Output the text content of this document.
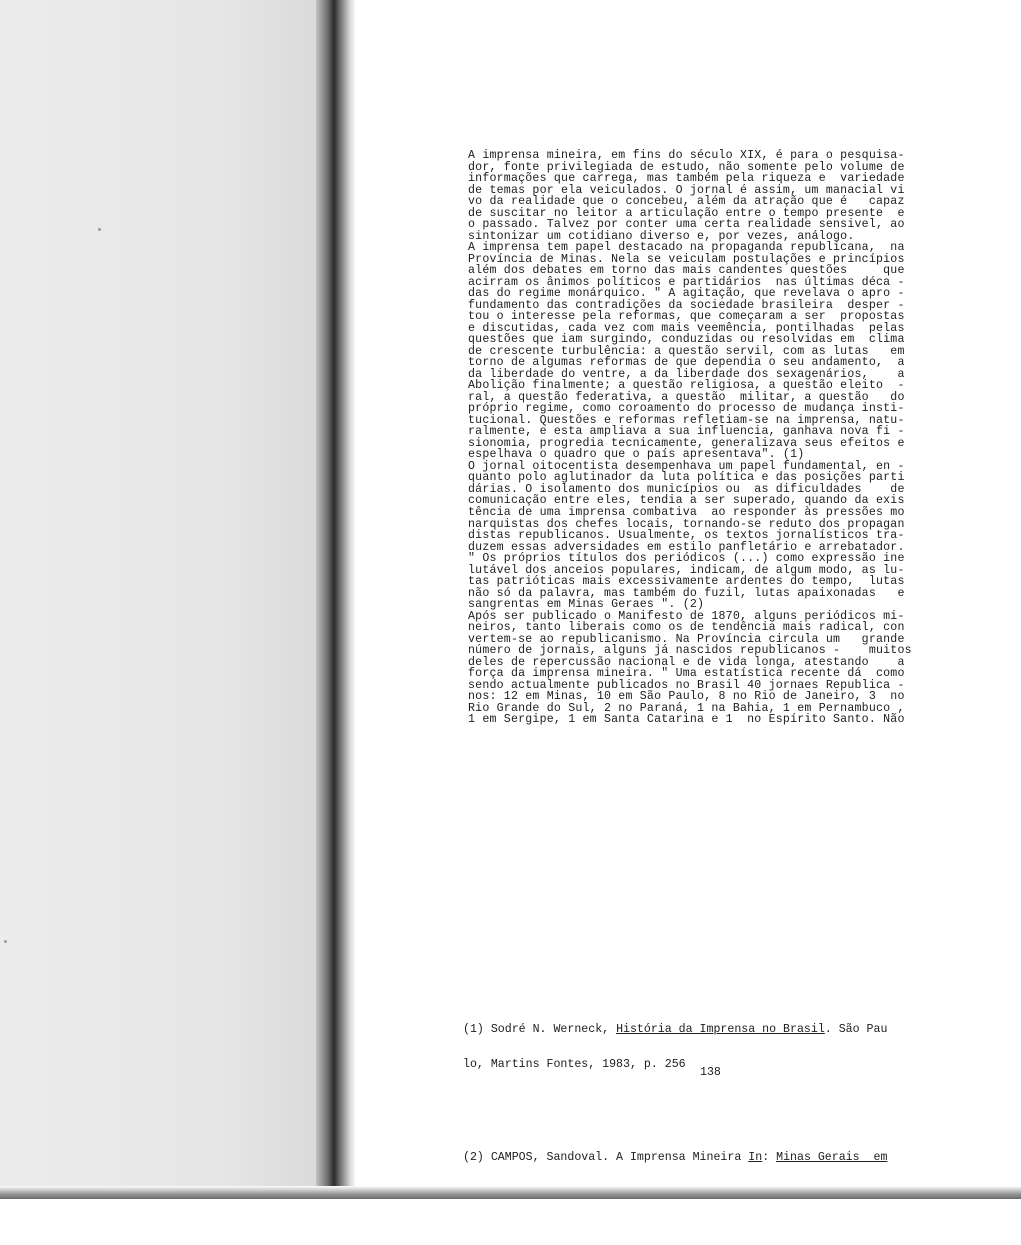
A imprensa mineira, em fins do século XIX, é para o pesquisa-
dor, fonte privilegiada de estudo, não somente pelo volume de
informações que carrega, mas também pela riqueza e  variedade
de temas por ela veiculados. O jornal é assim, um manacial vi
vo da realidade que o concebeu, além da atração que é   capaz
de suscitar no leitor a articulação entre o tempo presente  e
o passado. Talvez por conter uma certa realidade sensivel, ao
sintonizar um cotidiano diverso e, por vezes, análogo.
A imprensa tem papel destacado na propaganda republicana,  na
Província de Minas. Nela se veiculam postulações e princípios
além dos debates em torno das mais candentes questões     que
acirram os ânimos políticos e partidários  nas últimas déca -
das do regime monárquico. " A agitação, que revelava o apro -
fundamento das contradições da sociedade brasileira  desper -
tou o interesse pela reformas, que começaram a ser  propostas
e discutidas, cada vez com mais veemência, pontilhadas  pelas
questões que iam surgindo, conduzidas ou resolvidas em  clima
de crescente turbulência: a questão servil, com as lutas   em
torno de algumas reformas de que dependia o seu andamento,  a
da liberdade do ventre, a da liberdade dos sexagenários,    a
Abolição finalmente; a questão religiosa, a questão eleito  -
ral, a questão federativa, a questão  militar, a questão   do
próprio regime, como coroamento do processo de mudança insti-
tucional. Questões e reformas refletiam-se na imprensa, natu-
ralmente, e esta ampliava a sua influencia, ganhava nova fi -
sionomia, progredia tecnicamente, generalizava seus efeitos e
espelhava o quadro que o país apresentava". (1)
O jornal oitocentista desempenhava um papel fundamental, en -
quanto polo aglutinador da luta política e das posições parti
dárias. O isolamento dos municípios ou  as dificuldades    de
comunicação entre eles, tendia a ser superado, quando da exis
tência de uma imprensa combativa  ao responder às pressões mo
narquistas dos chefes locais, tornando-se reduto dos propagan
distas republicanos. Usualmente, os textos jornalísticos tra-
duzem essas adversidades em estilo panfletário e arrebatador.
" Os próprios títulos dos periódicos (...) como expressão ine
lutável dos anceios populares, indicam, de algum modo, as lu-
tas patrióticas mais excessivamente ardentes do tempo,  lutas
não só da palavra, mas também do fuzil, lutas apaixonadas   e
sangrentas em Minas Geraes ". (2)
Após ser publicado o Manifesto de 1870, alguns periódicos mi-
neiros, tanto liberais como os de tendência mais radical, con
vertem-se ao republicanismo. Na Província circula um   grande
número de jornais, alguns já nascidos republicanos -    muitos
deles de repercussão nacional e de vida longa, atestando    a
força da imprensa mineira. " Uma estatística recente dá  como
sendo actualmente publicados no Brasil 40 jornaes Republica -
nos: 12 em Minas, 10 em São Paulo, 8 no Rio de Janeiro, 3  no
Rio Grande do Sul, 2 no Paraná, 1 na Bahia, 1 em Pernambuco ,
1 em Sergipe, 1 em Santa Catarina e 1  no Espírito Santo. Não

(1) Sodré N. Werneck, História da Imprensa no Brasil. São Pau

lo, Martins Fontes, 1983, p. 256

(2) CAMPOS, Sandoval. A Imprensa Mineira In: Minas Gerais  em

138
